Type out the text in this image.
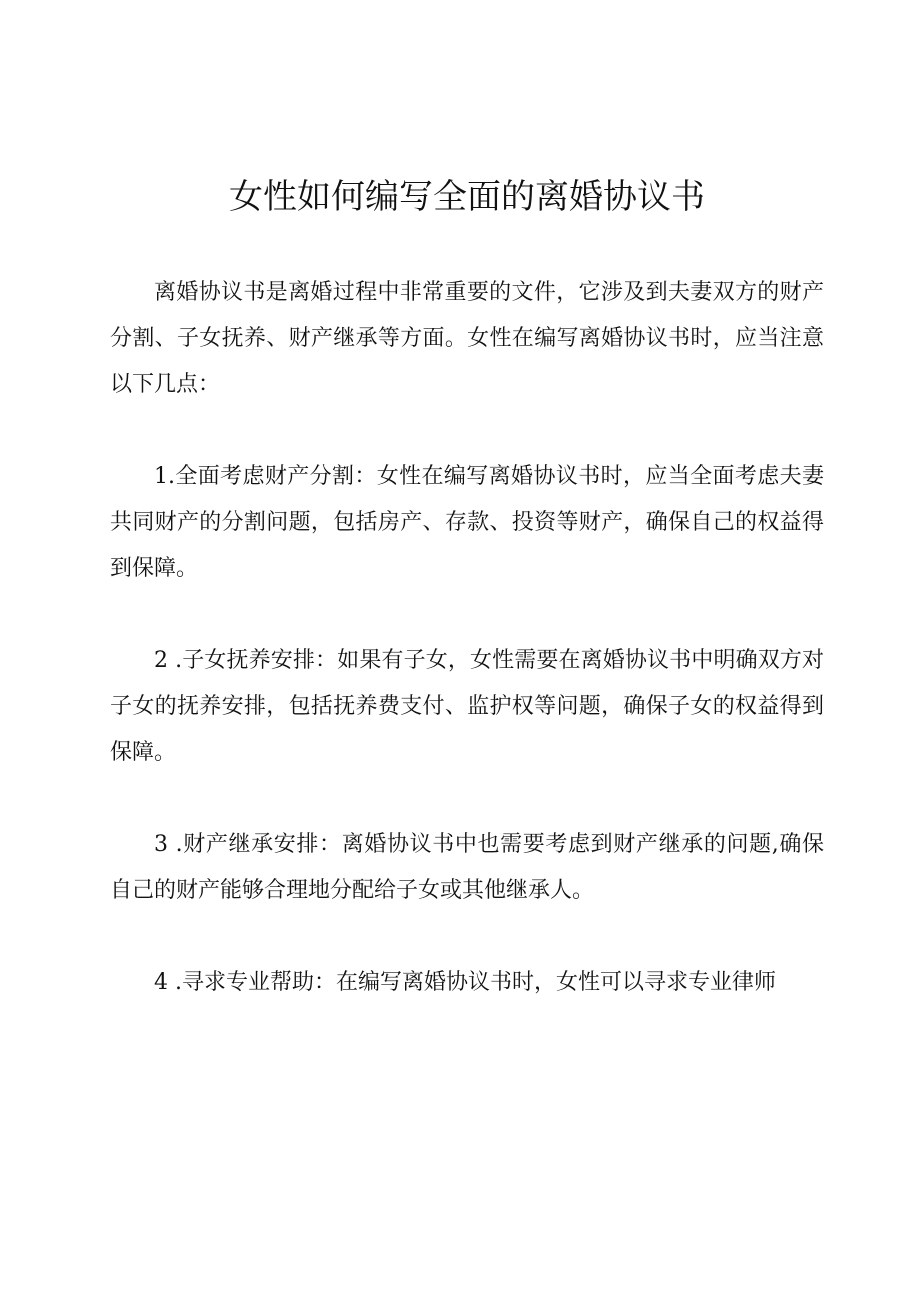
女性如何编写全面的离婚协议书

离婚协议书是离婚过程中非常重要的文件，它涉及到夫妻双方的财产分割、子女抚养、财产继承等方面。女性在编写离婚协议书时，应当注意以下几点：

1.全面考虑财产分割：女性在编写离婚协议书时，应当全面考虑夫妻共同财产的分割问题，包括房产、存款、投资等财产，确保自己的权益得到保障。

2 .子女抚养安排：如果有子女，女性需要在离婚协议书中明确双方对子女的抚养安排，包括抚养费支付、监护权等问题，确保子女的权益得到保障。

3 .财产继承安排：离婚协议书中也需要考虑到财产继承的问题,确保自己的财产能够合理地分配给子女或其他继承人。

4 .寻求专业帮助：在编写离婚协议书时，女性可以寻求专业律师
